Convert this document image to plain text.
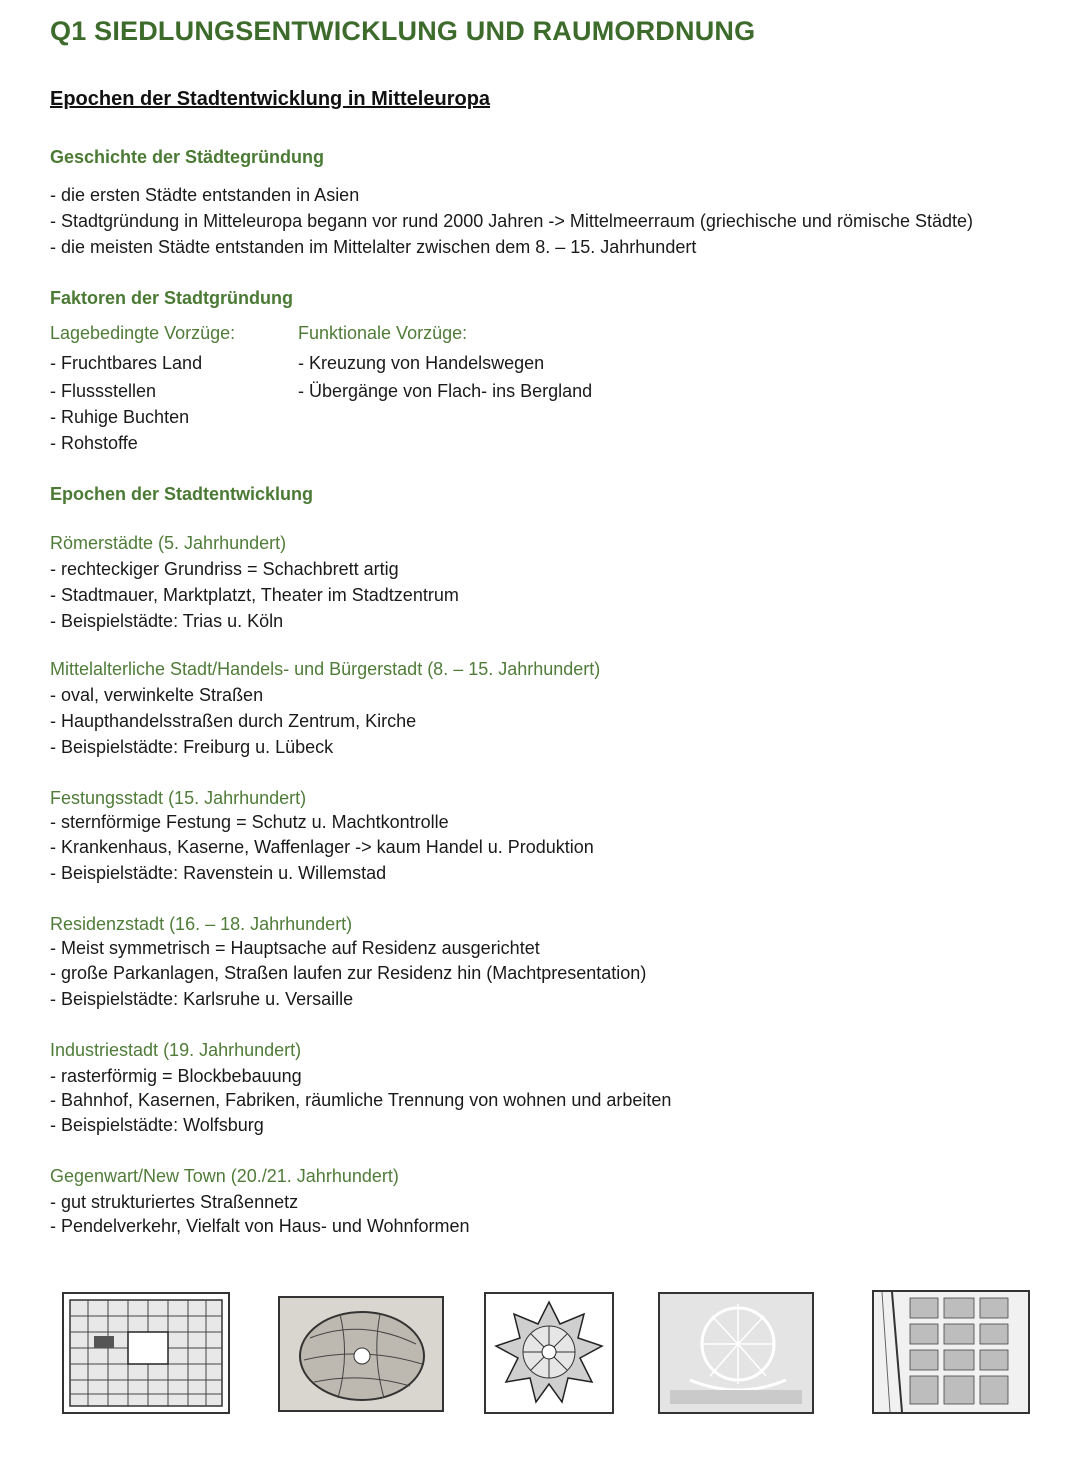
Q1 SIEDLUNGSENTWICKLUNG UND RAUMORDNUNG
Epochen der Stadtentwicklung in Mitteleuropa
Geschichte der Städtegründung
- die ersten Städte entstanden in Asien
- Stadtgründung in Mitteleuropa begann vor rund 2000 Jahren -> Mittelmeerraum (griechische und römische Städte)
- die meisten Städte entstanden im Mittelalter zwischen dem 8. – 15. Jahrhundert
Faktoren der Stadtgründung
Lagebedingte Vorzüge:	Funktionale Vorzüge:
- Fruchtbares Land
- Flussstellen
- Ruhige Buchten
- Rohstoffe
- Kreuzung von Handelswegen
- Übergänge von Flach- ins Bergland
Epochen der Stadtentwicklung
Römerstädte (5. Jahrhundert)
- rechteckiger Grundriss = Schachbrett artig
- Stadtmauer, Marktplatzt, Theater im Stadtzentrum
- Beispielstädte: Trias u. Köln
Mittelalterliche Stadt/Handels- und Bürgerstadt (8. – 15. Jahrhundert)
- oval, verwinkelte Straßen
- Haupthandelsstraßen durch Zentrum, Kirche
- Beispielstädte: Freiburg u. Lübeck
Festungsstadt (15. Jahrhundert)
- sternförmige Festung = Schutz u. Machtkontrolle
- Krankenhaus, Kaserne, Waffenlager -> kaum Handel u. Produktion
- Beispielstädte: Ravenstein u. Willemstad
Residenzstadt (16. – 18. Jahrhundert)
- Meist symmetrisch = Hauptsache auf Residenz ausgerichtet
- große Parkanlagen, Straßen laufen zur Residenz hin (Machtpresentation)
- Beispielstädte: Karlsruhe u. Versaille
Industriestadt (19. Jahrhundert)
- rasterförmig = Blockbebauung
- Bahnhof, Kasernen, Fabriken, räumliche Trennung von wohnen und arbeiten
- Beispielstädte: Wolfsburg
Gegenwart/New Town (20./21. Jahrhundert)
- gut strukturiertes Straßennetz
- Pendelverkehr, Vielfalt von Haus- und Wohnformen
